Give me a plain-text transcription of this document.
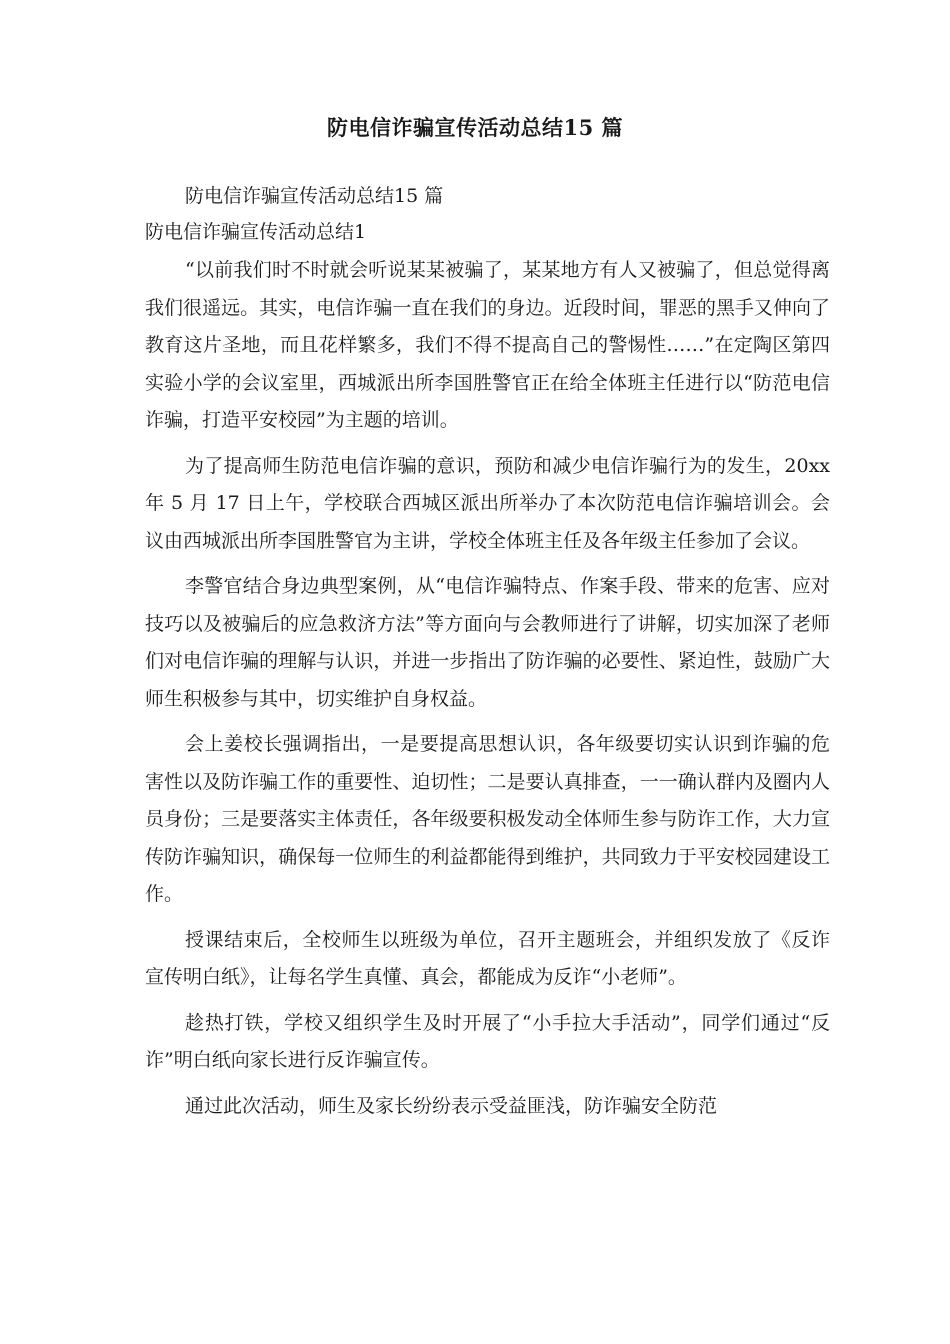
防电信诈骗宣传活动总结15 篇

防电信诈骗宣传活动总结15 篇

防电信诈骗宣传活动总结1

“以前我们时不时就会听说某某被骗了，某某地方有人又被骗了，但总觉得离我们很遥远。其实，电信诈骗一直在我们的身边。近段时间，罪恶的黑手又伸向了教育这片圣地，而且花样繁多，我们不得不提高自己的警惕性……”在定陶区第四实验小学的会议室里，西城派出所李国胜警官正在给全体班主任进行以“防范电信诈骗，打造平安校园”为主题的培训。

为了提高师生防范电信诈骗的意识，预防和减少电信诈骗行为的发生，20xx 年 5 月 17 日上午，学校联合西城区派出所举办了本次防范电信诈骗培训会。会议由西城派出所李国胜警官为主讲，学校全体班主任及各年级主任参加了会议。

李警官结合身边典型案例，从“电信诈骗特点、作案手段、带来的危害、应对技巧以及被骗后的应急救济方法”等方面向与会教师进行了讲解，切实加深了老师们对电信诈骗的理解与认识，并进一步指出了防诈骗的必要性、紧迫性，鼓励广大师生积极参与其中，切实维护自身权益。

会上姜校长强调指出，一是要提高思想认识，各年级要切实认识到诈骗的危害性以及防诈骗工作的重要性、迫切性；二是要认真排查，一一确认群内及圈内人员身份；三是要落实主体责任，各年级要积极发动全体师生参与防诈工作，大力宣传防诈骗知识，确保每一位师生的利益都能得到维护，共同致力于平安校园建设工作。

授课结束后，全校师生以班级为单位，召开主题班会，并组织发放了《反诈宣传明白纸》，让每名学生真懂、真会，都能成为反诈“小老师”。

趁热打铁，学校又组织学生及时开展了“小手拉大手活动”，同学们通过“反诈”明白纸向家长进行反诈骗宣传。

通过此次活动，师生及家长纷纷表示受益匪浅，防诈骗安全防范
